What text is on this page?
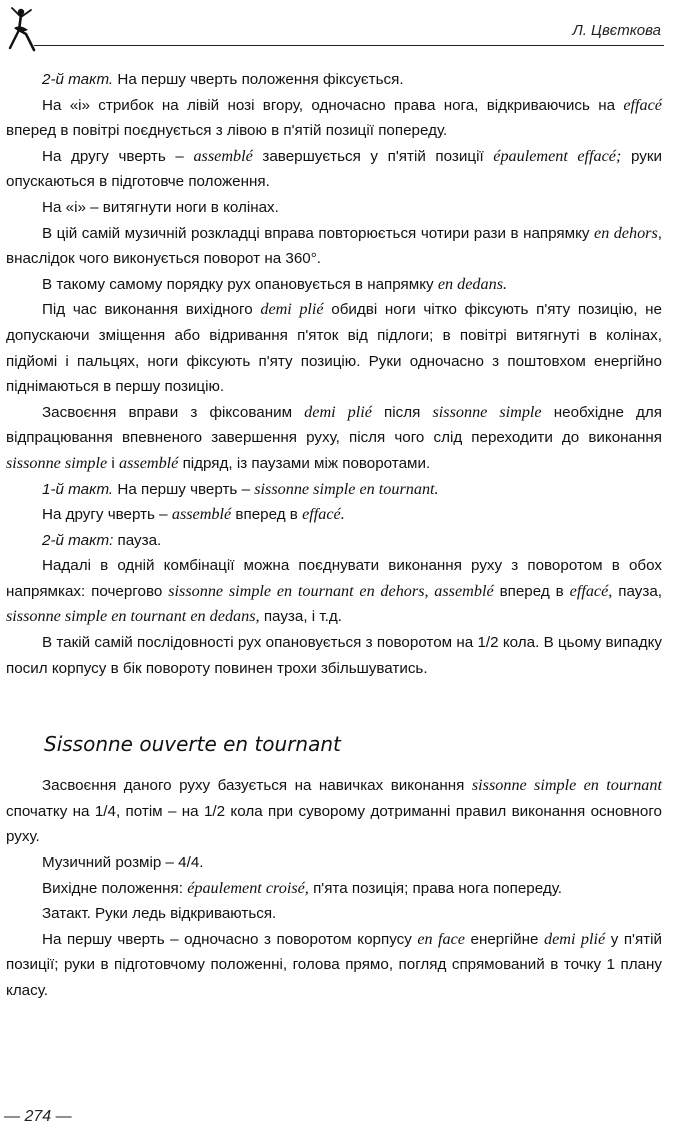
Л. Цвєткова

2-й такт. На першу чверть положення фіксується.

На «і» стрибок на лівій нозі вгору, одночасно права нога, відкриваючись на effacé вперед в повітрі поєднується з лівою в п'ятій позиції попереду.

На другу чверть – assemblé завершується у п'ятій позиції épaulement effacé; руки опускаються в підготовче положення.

На «і» – витягнути ноги в колінах.

В цій самій музичній розкладці вправа повторюється чотири рази в напрямку en dehors, внаслідок чого виконується поворот на 360°.

В такому самому порядку рух опановується в напрямку en dedans.

Під час виконання вихідного demi plié обидві ноги чітко фіксують п'яту позицію, не допускаючи зміщення або відривання п'яток від підлоги; в повітрі витягнуті в колінах, підйомі і пальцях, ноги фіксують п'яту позицію. Руки одночасно з поштовхом енергійно піднімаються в першу позицію.

Засвоєння вправи з фіксованим demi plié після sissonne simple необхідне для відпрацювання впевненого завершення руху, після чого слід переходити до виконання sissonne simple і assemblé підряд, із паузами між поворотами.

1-й такт. На першу чверть – sissonne simple en tournant.

На другу чверть – assemblé вперед в effacé.

2-й такт: пауза.

Надалі в одній комбінації можна поєднувати виконання руху з поворотом в обох напрямках: почергово sissonne simple en tournant en dehors, assemblé вперед в effacé, пауза, sissonne simple en tournant en dedans, пауза, і т.д.

В такій самій послідовності рух опановується з поворотом на 1/2 кола. В цьому випадку посил корпусу в бік повороту повинен трохи збільшуватись.

Sissonne ouverte en tournant

Засвоєння даного руху базується на навичках виконання sissonne simple en tournant спочатку на 1/4, потім – на 1/2 кола при суворому дотриманні правил виконання основного руху.

Музичний розмір – 4/4.

Вихідне положення: épaulement croisé, п'ята позиція; права нога попереду.

Затакт. Руки ледь відкриваються.

На першу чверть – одночасно з поворотом корпусу en face енергійне demi plié у п'ятій позиції; руки в підготовчому положенні, голова прямо, погляд спрямований в точку 1 плану класу.

— 274 —
